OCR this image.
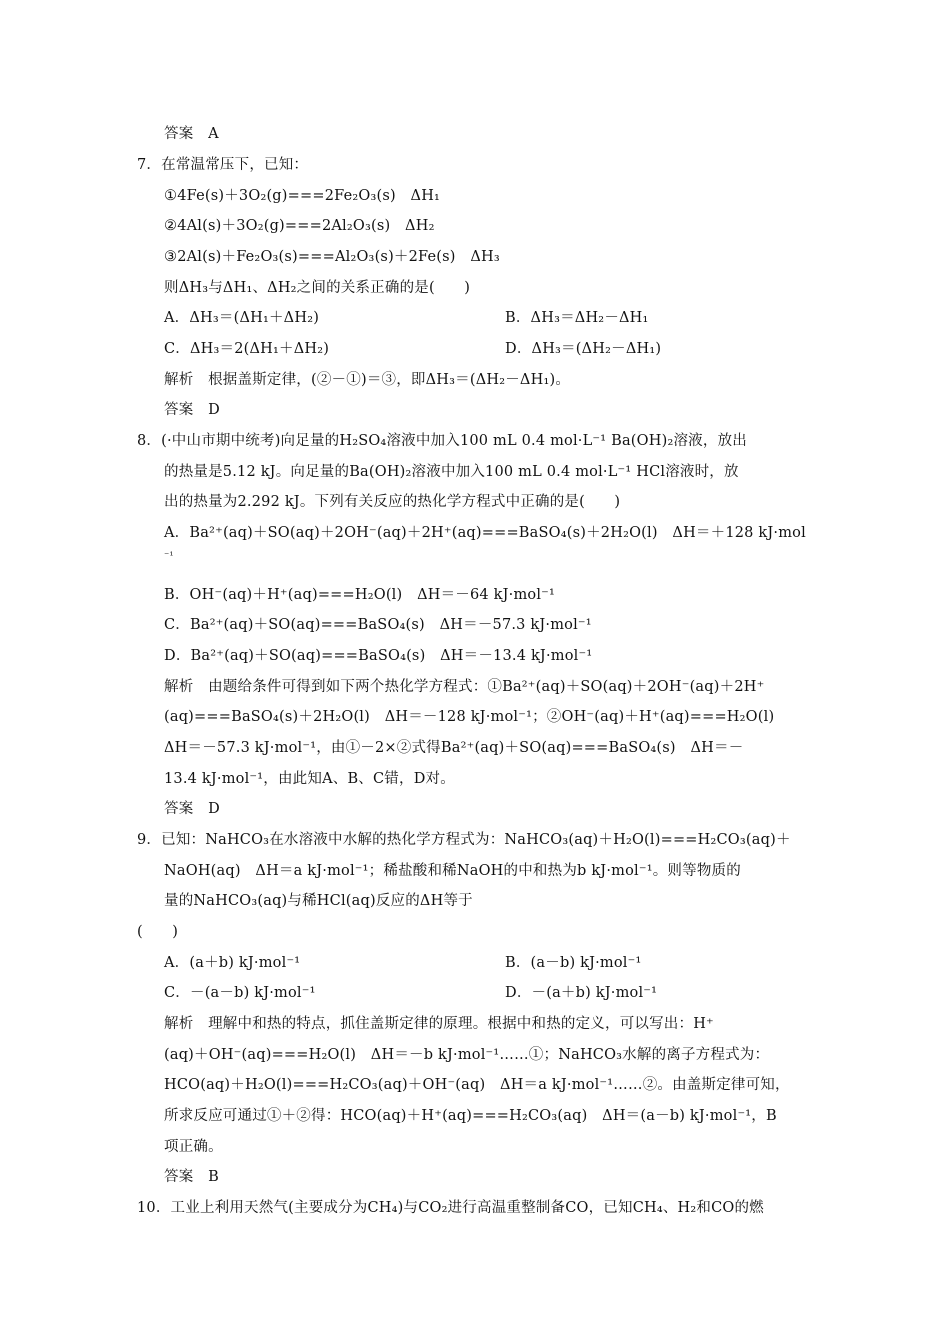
答案　A
7．在常温常压下，已知：
①4Fe(s)＋3O₂(g)===2Fe₂O₃(s)　ΔH₁
②4Al(s)＋3O₂(g)===2Al₂O₃(s)　ΔH₂
③2Al(s)＋Fe₂O₃(s)===Al₂O₃(s)＋2Fe(s)　ΔH₃
则ΔH₃与ΔH₁、ΔH₂之间的关系正确的是(　　)
A．ΔH₃＝(ΔH₁＋ΔH₂)	B．ΔH₃＝ΔH₂－ΔH₁
C．ΔH₃＝2(ΔH₁＋ΔH₂)	D．ΔH₃＝(ΔH₂－ΔH₁)
解析　根据盖斯定律，(②－①)＝③，即ΔH₃＝(ΔH₂－ΔH₁)。
答案　D
8．(·中山市期中统考)向足量的H₂SO₄溶液中加入100 mL 0.4 mol·L⁻¹ Ba(OH)₂溶液，放出
的热量是5.12 kJ。向足量的Ba(OH)₂溶液中加入100 mL 0.4 mol·L⁻¹ HCl溶液时，放
出的热量为2.292 kJ。下列有关反应的热化学方程式中正确的是(　　)
A．Ba²⁺(aq)＋SO(aq)＋2OH⁻(aq)＋2H⁺(aq)===BaSO₄(s)＋2H₂O(l)　ΔH＝＋128 kJ·mol
⁻¹
B．OH⁻(aq)＋H⁺(aq)===H₂O(l)　ΔH＝－64 kJ·mol⁻¹
C．Ba²⁺(aq)＋SO(aq)===BaSO₄(s)　ΔH＝－57.3 kJ·mol⁻¹
D．Ba²⁺(aq)＋SO(aq)===BaSO₄(s)　ΔH＝－13.4 kJ·mol⁻¹
解析　由题给条件可得到如下两个热化学方程式：①Ba²⁺(aq)＋SO(aq)＋2OH⁻(aq)＋2H⁺
(aq)===BaSO₄(s)＋2H₂O(l)　ΔH＝－128 kJ·mol⁻¹；②OH⁻(aq)＋H⁺(aq)===H₂O(l)
ΔH＝－57.3 kJ·mol⁻¹，由①－2×②式得Ba²⁺(aq)＋SO(aq)===BaSO₄(s)　ΔH＝－
13.4 kJ·mol⁻¹，由此知A、B、C错，D对。
答案　D
9．已知：NaHCO₃在水溶液中水解的热化学方程式为：NaHCO₃(aq)＋H₂O(l)===H₂CO₃(aq)＋
NaOH(aq)　ΔH＝a kJ·mol⁻¹；稀盐酸和稀NaOH的中和热为b kJ·mol⁻¹。则等物质的
量的NaHCO₃(aq)与稀HCl(aq)反应的ΔH等于
(　　)
A．(a＋b) kJ·mol⁻¹	B．(a－b) kJ·mol⁻¹
C．－(a－b) kJ·mol⁻¹	D．－(a＋b) kJ·mol⁻¹
解析　理解中和热的特点，抓住盖斯定律的原理。根据中和热的定义，可以写出：H⁺
(aq)＋OH⁻(aq)===H₂O(l)　ΔH＝－b kJ·mol⁻¹……①；NaHCO₃水解的离子方程式为：
HCO(aq)＋H₂O(l)===H₂CO₃(aq)＋OH⁻(aq)　ΔH＝a kJ·mol⁻¹……②。由盖斯定律可知，
所求反应可通过①＋②得：HCO(aq)＋H⁺(aq)===H₂CO₃(aq)　ΔH＝(a－b) kJ·mol⁻¹，B
项正确。
答案　B
10．工业上利用天然气(主要成分为CH₄)与CO₂进行高温重整制备CO，已知CH₄、H₂和CO的燃
